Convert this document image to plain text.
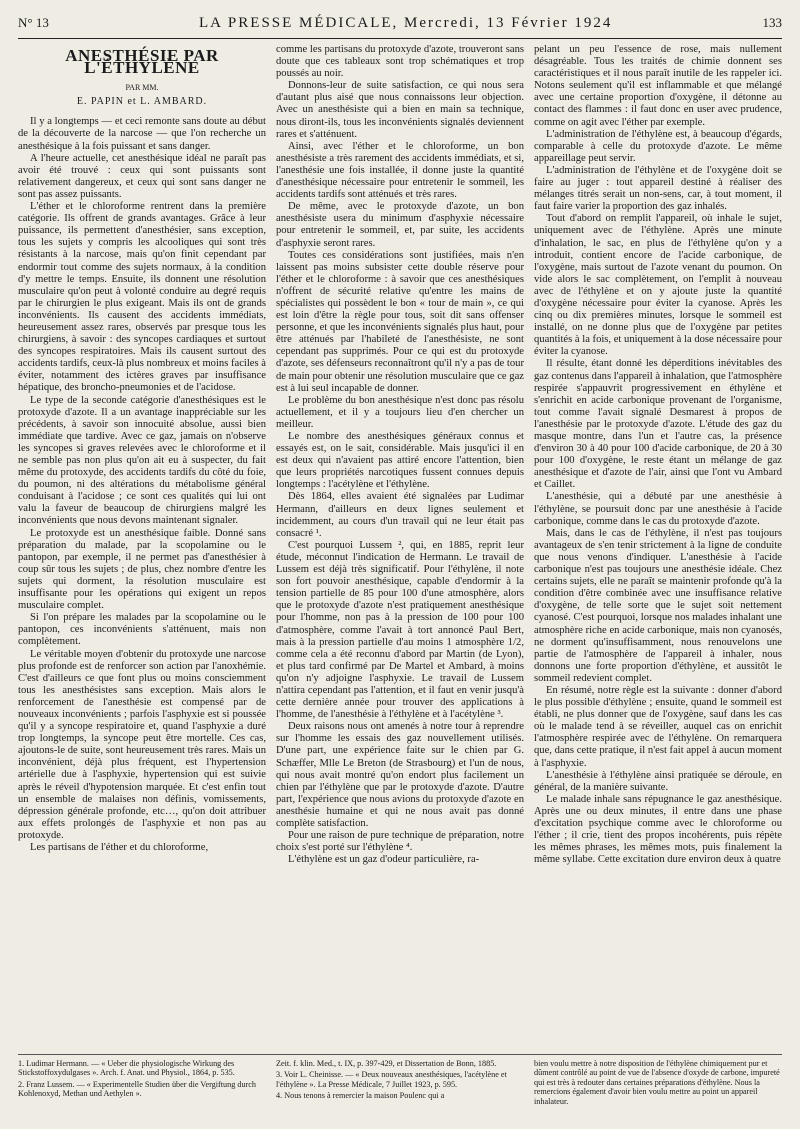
N° 13	LA PRESSE MÉDICALE, Mercredi, 13 Février 1924	133
ANESTHÉSIE PAR L'ÉTHYLÈNE
PAR MM.
E. PAPIN et L. AMBARD.

Il y a longtemps — et ceci remonte sans doute au début de la découverte de la narcose — que l'on recherche un anesthésique à la fois puissant et sans danger.

A l'heure actuelle, cet anesthésique idéal ne paraît pas avoir été trouvé : ceux qui sont puissants sont relativement dangereux, et ceux qui sont sans danger ne sont pas assez puissants.

L'éther et le chloroforme rentrent dans la première catégorie. Ils offrent de grands avantages. Grâce à leur puissance, ils permettent d'anesthésier, sans exception, tous les sujets y compris les alcooliques qui sont très résistants à la narcose, mais qu'on finit cependant par endormir tout comme des sujets normaux, à la condition d'y mettre le temps. Ensuite, ils donnent une résolution musculaire qu'on peut à volonté conduire au degré requis par le chirurgien le plus exigeant. Mais ils ont de grands inconvénients. Ils causent des accidents immédiats, heureusement assez rares, observés par presque tous les chirurgiens, à savoir : des syncopes cardiaques et surtout des syncopes respiratoires. Mais ils causent surtout des accidents tardifs, ceux-là plus nombreux et moins faciles à éviter, notamment des ictères graves par insuffisance hépatique, des broncho-pneumonies et de l'acidose.

Le type de la seconde catégorie d'anesthésiques est le protoxyde d'azote. Il a un avantage inappréciable sur les précédents, à savoir son innocuité absolue, aussi bien immédiate que tardive. Avec ce gaz, jamais on n'observe les syncopes si graves relevées avec le chloroforme et il ne semble pas non plus qu'on ait eu à suspecter, du fait même du protoxyde, des accidents tardifs du côté du foie, du poumon, ni des altérations du métabolisme général conduisant à l'acidose ; ce sont ces qualités qui lui ont valu la faveur de beaucoup de chirurgiens malgré les inconvénients que nous devons maintenant signaler.

Le protoxyde est un anesthésique faible. Donné sans préparation du malade, par la scopolamine ou le pantopon, par exemple, il ne permet pas d'anesthésier à coup sûr tous les sujets ; de plus, chez nombre d'entre les sujets qui dorment, la résolution musculaire est insuffisante pour les opérations qui exigent un repos musculaire complet.

Si l'on prépare les malades par la scopolamine ou le pantopon, ces inconvénients s'atténuent, mais non complètement.

Le véritable moyen d'obtenir du protoxyde une narcose plus profonde est de renforcer son action par l'anoxhémie. C'est d'ailleurs ce que font plus ou moins consciemment tous les anesthésistes sans exception. Mais alors le renforcement de l'anesthésie est compensé par de nouveaux inconvénients ; parfois l'asphyxie est si poussée qu'il y a syncope respiratoire et, quand l'asphyxie a duré trop longtemps, la syncope peut être mortelle. Ces cas, ajoutons-le de suite, sont heureusement très rares. Mais un inconvénient, déjà plus fréquent, est l'hypertension artérielle due à l'asphyxie, hypertension qui est suivie après le réveil d'hypotension marquée. Et c'est enfin tout un ensemble de malaises non définis, vomissements, dépression générale profonde, etc…, qu'on doit attribuer aux effets prolongés de l'asphyxie et non pas au protoxyde.

Les partisans de l'éther et du chloroforme,

comme les partisans du protoxyde d'azote, trouveront sans doute que ces tableaux sont trop schématiques et trop poussés au noir.

Donnons-leur de suite satisfaction, ce qui nous sera d'autant plus aisé que nous connaissons leur objection. Avec un anesthésiste qui a bien en main sa technique, nous diront-ils, tous les inconvénients signalés deviennent rares et s'atténuent.

Ainsi, avec l'éther et le chloroforme, un bon anesthésiste a très rarement des accidents immédiats, et si, l'anesthésie une fois installée, il donne juste la quantité d'anesthésique nécessaire pour entretenir le sommeil, les accidents tardifs sont atténués et très rares.

De même, avec le protoxyde d'azote, un bon anesthésiste usera du minimum d'asphyxie nécessaire pour entretenir le sommeil, et, par suite, les accidents d'asphyxie seront rares.

Toutes ces considérations sont justifiées, mais n'en laissent pas moins subsister cette double réserve pour l'éther et le chloroforme : à savoir que ces anesthésiques n'offrent de sécurité relative qu'entre les mains de spécialistes qui possèdent le bon « tour de main », ce qui est loin d'être la règle pour tous, soit dit sans offenser personne, et que les inconvénients signalés plus haut, pour être atténués par l'habileté de l'anesthésiste, ne sont cependant pas supprimés. Pour ce qui est du protoxyde d'azote, ses défenseurs reconnaîtront qu'il n'y a pas de tour de main pour obtenir une résolution musculaire que ce gaz est à lui seul incapable de donner.

Le problème du bon anesthésique n'est donc pas résolu actuellement, et il y a toujours lieu d'en chercher un meilleur.

Le nombre des anesthésiques généraux connus et essayés est, on le sait, considérable. Mais jusqu'ici il en est deux qui n'avaient pas attiré encore l'attention, bien que leurs propriétés narcotiques fussent connues depuis longtemps : l'acétylène et l'éthylène.

Dès 1864, elles avaient été signalées par Ludimar Hermann, d'ailleurs en deux lignes seulement et incidemment, au cours d'un travail qui ne leur était pas consacré ¹.

C'est pourquoi Lussem ², qui, en 1885, reprit leur étude, méconnut l'indication de Hermann. Le travail de Lussem est déjà très significatif. Pour l'éthylène, il note son fort pouvoir anesthésique, capable d'endormir à la tension partielle de 85 pour 100 d'une atmosphère, alors que le protoxyde d'azote n'est pratiquement anesthésique pour l'homme, non pas à la pression de 100 pour 100 d'atmosphère, comme l'avait à tort annoncé Paul Bert, mais à la pression partielle d'au moins 1 atmosphère 1/2, comme cela a été reconnu d'abord par Martin (de Lyon), et plus tard confirmé par De Martel et Ambard, à moins qu'on n'y adjoigne l'asphyxie. Le travail de Lussem n'attira cependant pas l'attention, et il faut en venir jusqu'à cette dernière année pour trouver des applications à l'homme, de l'anesthésie à l'éthylène et à l'acétylène ³.

Deux raisons nous ont amenés à notre tour à reprendre sur l'homme les essais des gaz nouvellement utilisés. D'une part, une expérience faite sur le chien par G. Schæffer, Mlle Le Breton (de Strasbourg) et l'un de nous, qui nous avait montré qu'on endort plus facilement un chien par l'éthylène que par le protoxyde d'azote. D'autre part, l'expérience que nous avions du protoxyde d'azote en anesthésie humaine et qui ne nous avait pas donné complète satisfaction.

Pour une raison de pure technique de préparation, notre choix s'est porté sur l'éthylène ⁴.

L'éthylène est un gaz d'odeur particulière, ra-

pelant un peu l'essence de rose, mais nullement désagréable. Tous les traités de chimie donnent ses caractéristiques et il nous paraît inutile de les rappeler ici. Notons seulement qu'il est inflammable et que mélangé avec une certaine proportion d'oxygène, il détonne au contact des flammes : il faut donc en user avec prudence, comme on agit avec l'éther par exemple.

L'administration de l'éthylène est, à beaucoup d'égards, comparable à celle du protoxyde d'azote. Le même appareillage peut servir.

L'administration de l'éthylène et de l'oxygène doit se faire au juger : tout appareil destiné à réaliser des mélanges titrés serait un non-sens, car, à tout moment, il faut faire varier la proportion des gaz inhalés.

Tout d'abord on remplit l'appareil, où inhale le sujet, uniquement avec de l'éthylène. Après une minute d'inhalation, le sac, en plus de l'éthylène qu'on y a introduit, contient encore de l'acide carbonique, de l'oxygène, mais surtout de l'azote venant du poumon. On vide alors le sac complètement, on l'emplit à nouveau avec de l'éthylène et on y ajoute juste la quantité d'oxygène nécessaire pour éviter la cyanose. Après les cinq ou dix premières minutes, lorsque le sommeil est installé, on ne donne plus que de l'oxygène par petites quantités à la fois, et uniquement à la dose nécessaire pour éviter la cyanose.

Il résulte, étant donné les déperditions inévitables des gaz contenus dans l'appareil à inhalation, que l'atmosphère respirée s'appauvrit progressivement en éthylène et s'enrichit en acide carbonique provenant de l'organisme, tout comme l'avait signalé Desmarest à propos de l'anesthésie par le protoxyde d'azote. L'étude des gaz du masque montre, dans l'un et l'autre cas, la présence d'environ 30 à 40 pour 100 d'acide carbonique, de 20 à 30 pour 100 d'oxygène, le reste étant un mélange de gaz anesthésique et d'azote de l'air, ainsi que l'ont vu Ambard et Caillet.

L'anesthésie, qui a débuté par une anesthésie à l'éthylène, se poursuit donc par une anesthésie à l'acide carbonique, comme dans le cas du protoxyde d'azote.

Mais, dans le cas de l'éthylène, il n'est pas toujours avantageux de s'en tenir strictement à la ligne de conduite que nous venons d'indiquer. L'anesthésie à l'acide carbonique n'est pas toujours une anesthésie idéale. Chez certains sujets, elle ne paraît se maintenir profonde qu'à la condition d'être combinée avec une insuffisance relative d'oxygène, de telle sorte que le sujet soit nettement cyanosé. C'est pourquoi, lorsque nos malades inhalant une atmosphère riche en acide carbonique, mais non cyanosés, ne dorment qu'insuffisamment, nous renouvelons une partie de l'atmosphère de l'appareil à inhaler, nous donnons une forte proportion d'éthylène, et aussitôt le sommeil redevient complet.

En résumé, notre règle est la suivante : donner d'abord le plus possible d'éthylène ; ensuite, quand le sommeil est établi, ne plus donner que de l'oxygène, sauf dans les cas où le malade tend à se réveiller, auquel cas on enrichit l'atmosphère respirée avec de l'éthylène. On remarquera que, dans cette pratique, il n'est fait appel à aucun moment à l'asphyxie.

L'anesthésie à l'éthylène ainsi pratiquée se déroule, en général, de la manière suivante.

Le malade inhale sans répugnance le gaz anesthésique. Après une ou deux minutes, il entre dans une phase d'excitation psychique comme avec le chloroforme ou l'éther ; il crie, tient des propos incohérents, puis répète les mêmes phrases, les mêmes mots, puis finalement la même syllabe. Cette excitation dure environ deux à quatre

1. Ludimar Hermann. — « Ueber die physiologische Wirkung des Stickstoffoxydulgases ». Arch. f. Anat. und Physiol., 1864, p. 535.

2. Franz Lussem. — « Experimentelle Studien über die Vergiftung durch Kohlenoxyd, Methan und Aethylen ».

Zeit. f. klin. Med., t. IX, p. 397-429, et Dissertation de Bonn, 1885.

3. Voir L. Cheinisse. — « Deux nouveaux anesthésiques, l'acétylène et l'éthylène ». La Presse Médicale, 7 Juillet 1923, p. 595.

4. Nous tenons à remercier la maison Poulenc qui a

bien voulu mettre à notre disposition de l'éthylène chimiquement pur et dûment contrôlé au point de vue de l'absence d'oxyde de carbone, impureté qui est très à redouter dans certaines préparations d'éthylène. Nous la remercions également d'avoir bien voulu mettre au point un appareil inhalateur.
